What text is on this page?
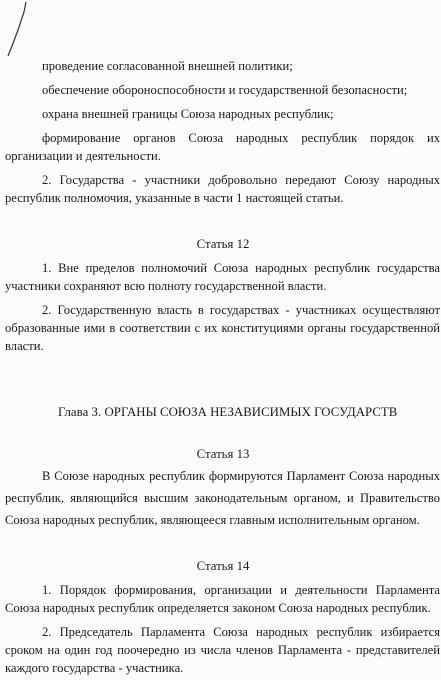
проведение согласованной внешней политики;
обеспечение обороноспособности и государственной безопасности;
охрана внешней границы Союза народных республик;
формирование органов Союза народных республик порядок их
организации и деятельности.
2. Государства - участники добровольно передают Союзу народных
республик полномочия, указанные в части 1 настоящей статьи.
Статья 12
1. Вне пределов полномочий Союза народных республик государства
участники сохраняют всю полноту государственной власти.
2. Государственную власть в государствах - участниках осуществляют
образованные ими в соответствии с их конституциями органы государственной
власти.
Глава 3. ОРГАНЫ СОЮЗА НЕЗАВИСИМЫХ ГОСУДАРСТВ
Статья 13
В Союзе народных республик формируются Парламент Союза народных
республик, являющийся высшим законодательным органом, и Правительство
Союза народных республик, являющееся главным исполнительным органом.
Статья 14
1. Порядок формирования, организации и деятельности Парламента
Союза народных республик определяется законом Союза народных республик.
2. Председатель Парламента Союза народных республик избирается
сроком на один год поочередно из числа членов Парламента - представителей
каждого государства - участника.
